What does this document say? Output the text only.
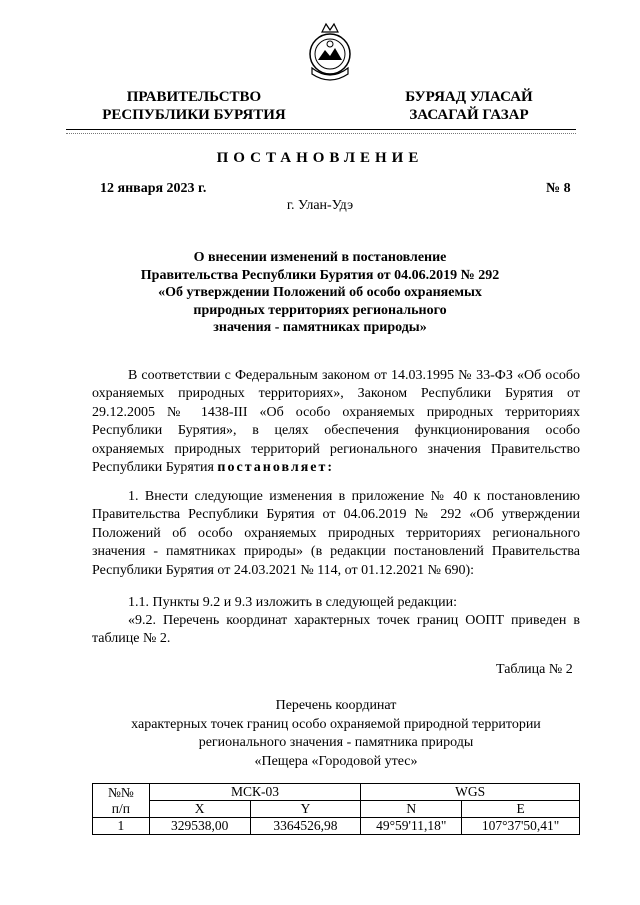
ПРАВИТЕЛЬСТВО
РЕСПУБЛИКИ БУРЯТИЯ
БУРЯАД УЛАСАЙ
ЗАСАГАЙ ГАЗАР
ПОСТАНОВЛЕНИЕ
12 января 2023 г.	№ 8
г. Улан-Удэ
О внесении изменений в постановление
Правительства Республики Бурятия от 04.06.2019 № 292
«Об утверждении Положений об особо охраняемых
природных территориях регионального
значения - памятниках природы»
В соответствии с Федеральным законом от 14.03.1995 № 33-ФЗ «Об особо охраняемых природных территориях», Законом Республики Бурятия от 29.12.2005 № 1438-III «Об особо охраняемых природных территориях Республики Бурятия», в целях обеспечения функционирования особо охраняемых природных территорий регионального значения Правительство Республики Бурятия постановляет:
1. Внести следующие изменения в приложение № 40 к постановлению Правительства Республики Бурятия от 04.06.2019 № 292 «Об утверждении Положений об особо охраняемых природных территориях регионального значения - памятниках природы» (в редакции постановлений Правительства Республики Бурятия от 24.03.2021 № 114, от 01.12.2021 № 690):
1.1. Пункты 9.2 и 9.3 изложить в следующей редакции:
«9.2. Перечень координат характерных точек границ ООПТ приведен в таблице № 2.
Таблица № 2
Перечень координат
характерных точек границ особо охраняемой природной территории
регионального значения - памятника природы
«Пещера «Городовой утес»
№№
п/п	МСК-03		WGS	
	X	Y	N	E
1	329538,00	3364526,98	49°59'11,18"	107°37'50,41"
